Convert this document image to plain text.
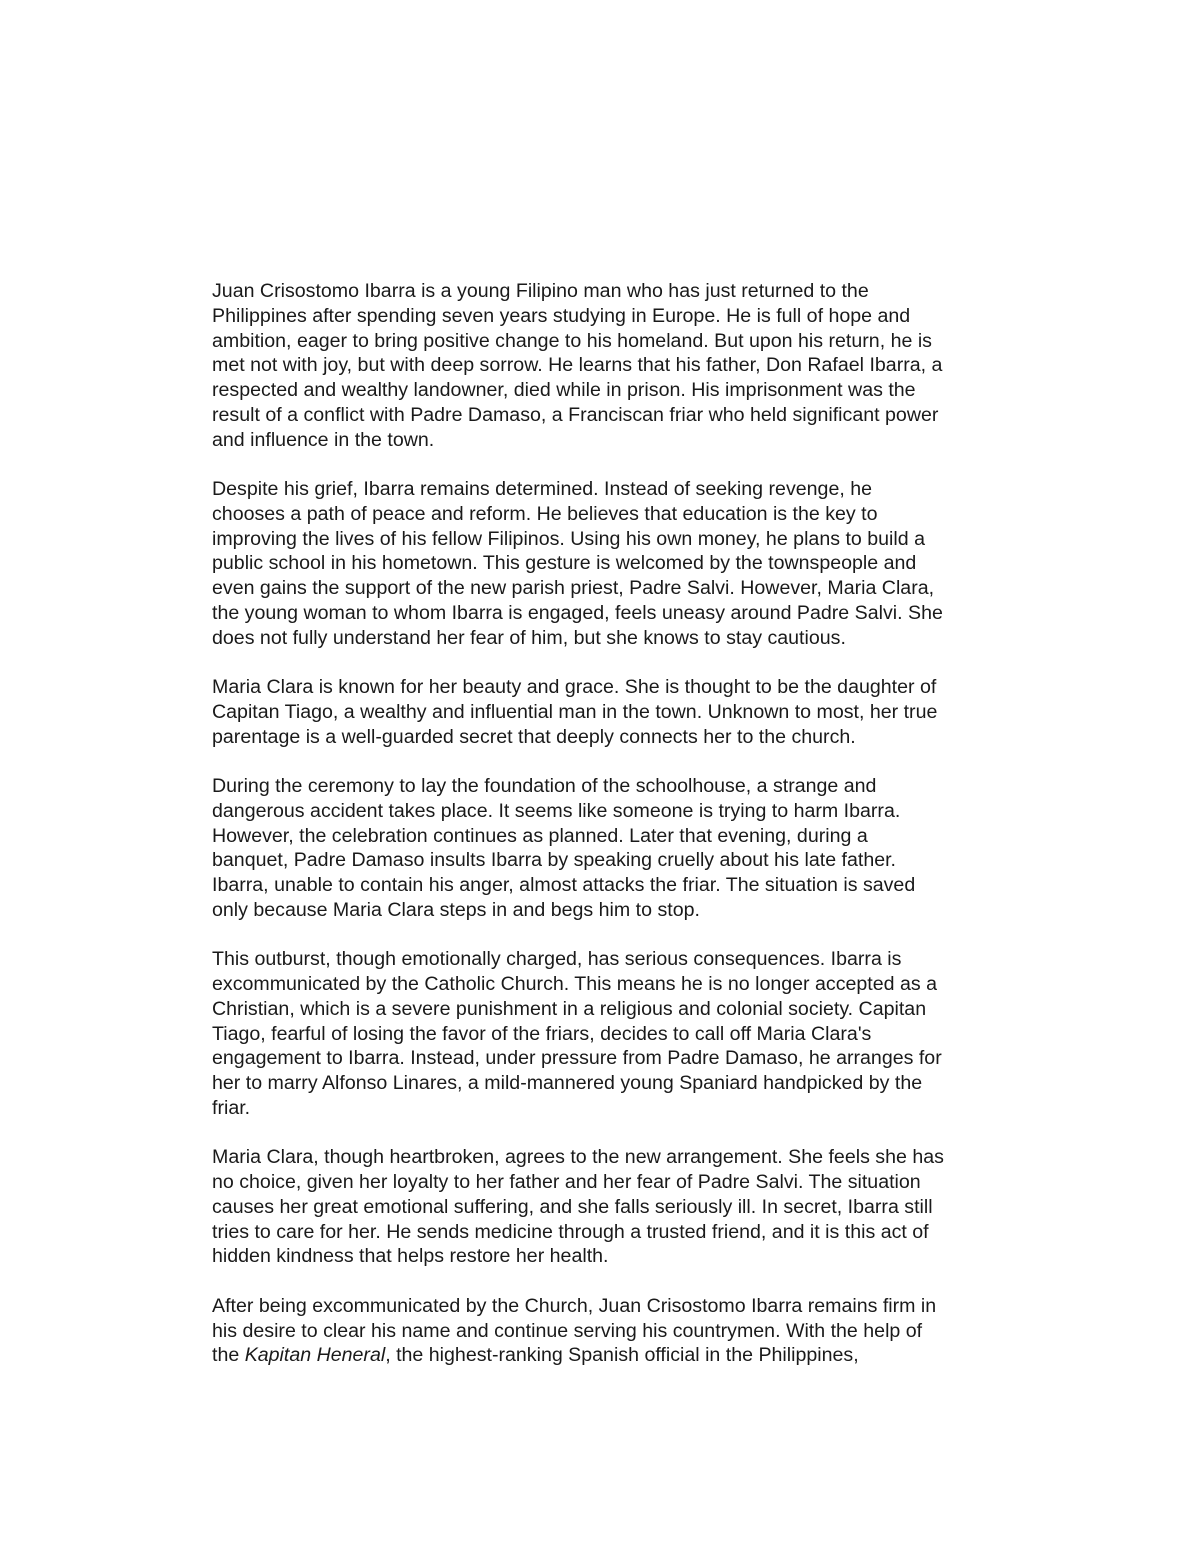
Juan Crisostomo Ibarra is a young Filipino man who has just returned to the
Philippines after spending seven years studying in Europe. He is full of hope and
ambition, eager to bring positive change to his homeland. But upon his return, he is
met not with joy, but with deep sorrow. He learns that his father, Don Rafael Ibarra, a
respected and wealthy landowner, died while in prison. His imprisonment was the
result of a conflict with Padre Damaso, a Franciscan friar who held significant power
and influence in the town.

Despite his grief, Ibarra remains determined. Instead of seeking revenge, he
chooses a path of peace and reform. He believes that education is the key to
improving the lives of his fellow Filipinos. Using his own money, he plans to build a
public school in his hometown. This gesture is welcomed by the townspeople and
even gains the support of the new parish priest, Padre Salvi. However, Maria Clara,
the young woman to whom Ibarra is engaged, feels uneasy around Padre Salvi. She
does not fully understand her fear of him, but she knows to stay cautious.

Maria Clara is known for her beauty and grace. She is thought to be the daughter of
Capitan Tiago, a wealthy and influential man in the town. Unknown to most, her true
parentage is a well-guarded secret that deeply connects her to the church.

During the ceremony to lay the foundation of the schoolhouse, a strange and
dangerous accident takes place. It seems like someone is trying to harm Ibarra.
However, the celebration continues as planned. Later that evening, during a
banquet, Padre Damaso insults Ibarra by speaking cruelly about his late father.
Ibarra, unable to contain his anger, almost attacks the friar. The situation is saved
only because Maria Clara steps in and begs him to stop.

This outburst, though emotionally charged, has serious consequences. Ibarra is
excommunicated by the Catholic Church. This means he is no longer accepted as a
Christian, which is a severe punishment in a religious and colonial society. Capitan
Tiago, fearful of losing the favor of the friars, decides to call off Maria Clara's
engagement to Ibarra. Instead, under pressure from Padre Damaso, he arranges for
her to marry Alfonso Linares, a mild-mannered young Spaniard handpicked by the
friar.

Maria Clara, though heartbroken, agrees to the new arrangement. She feels she has
no choice, given her loyalty to her father and her fear of Padre Salvi. The situation
causes her great emotional suffering, and she falls seriously ill. In secret, Ibarra still
tries to care for her. He sends medicine through a trusted friend, and it is this act of
hidden kindness that helps restore her health.

After being excommunicated by the Church, Juan Crisostomo Ibarra remains firm in
his desire to clear his name and continue serving his countrymen. With the help of
the Kapitan Heneral, the highest-ranking Spanish official in the Philippines,
